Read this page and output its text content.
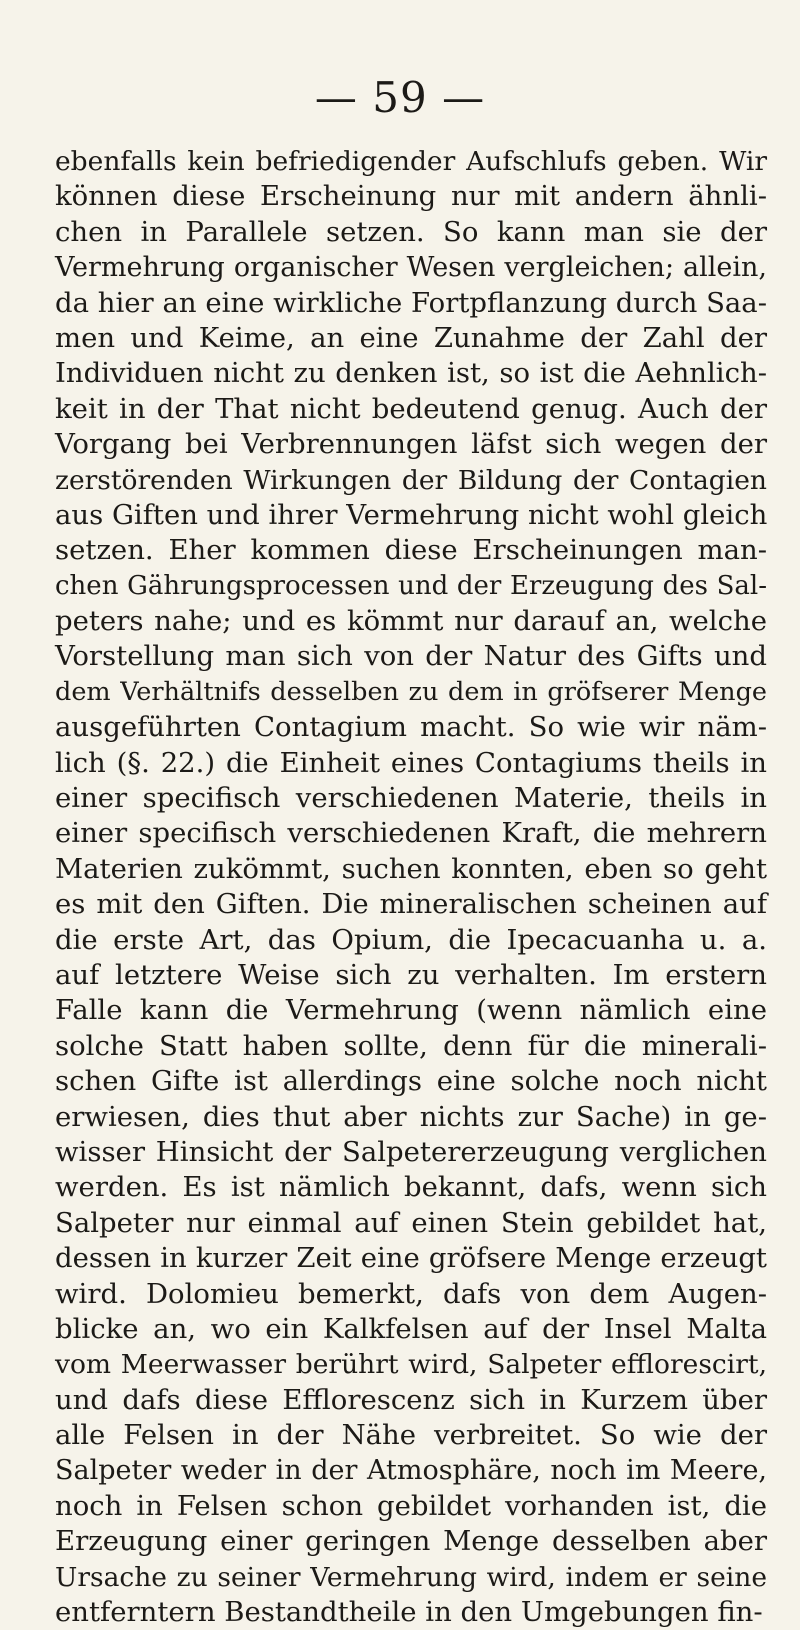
— 59 —
ebenfalls kein befriedigender Aufschlufs geben. Wir
können diese Erscheinung nur mit andern ähnli-
chen in Parallele setzen. So kann man sie der
Vermehrung organischer Wesen vergleichen; allein,
da hier an eine wirkliche Fortpflanzung durch Saa-
men und Keime, an eine Zunahme der Zahl der
Individuen nicht zu denken ist, so ist die Aehnlich-
keit in der That nicht bedeutend genug. Auch der
Vorgang bei Verbrennungen läfst sich wegen der
zerstörenden Wirkungen der Bildung der Contagien
aus Giften und ihrer Vermehrung nicht wohl gleich
setzen. Eher kommen diese Erscheinungen man-
chen Gährungsprocessen und der Erzeugung des Sal-
peters nahe; und es kömmt nur darauf an, welche
Vorstellung man sich von der Natur des Gifts und
dem Verhältnifs desselben zu dem in gröfserer Menge
ausgeführten Contagium macht. So wie wir näm-
lich (§. 22.) die Einheit eines Contagiums theils in
einer specifisch verschiedenen Materie, theils in
einer specifisch verschiedenen Kraft, die mehrern
Materien zukömmt, suchen konnten, eben so geht
es mit den Giften. Die mineralischen scheinen auf
die erste Art, das Opium, die Ipecacuanha u. a.
auf letztere Weise sich zu verhalten. Im erstern
Falle kann die Vermehrung (wenn nämlich eine
solche Statt haben sollte, denn für die minerali-
schen Gifte ist allerdings eine solche noch nicht
erwiesen, dies thut aber nichts zur Sache) in ge-
wisser Hinsicht der Salpetererzeugung verglichen
werden. Es ist nämlich bekannt, dafs, wenn sich
Salpeter nur einmal auf einen Stein gebildet hat,
dessen in kurzer Zeit eine gröfsere Menge erzeugt
wird. Dolomieu bemerkt, dafs von dem Augen-
blicke an, wo ein Kalkfelsen auf der Insel Malta
vom Meerwasser berührt wird, Salpeter efflorescirt,
und dafs diese Efflorescenz sich in Kurzem über
alle Felsen in der Nähe verbreitet. So wie der
Salpeter weder in der Atmosphäre, noch im Meere,
noch in Felsen schon gebildet vorhanden ist, die
Erzeugung einer geringen Menge desselben aber
Ursache zu seiner Vermehrung wird, indem er seine
entferntern Bestandtheile in den Umgebungen fin-
